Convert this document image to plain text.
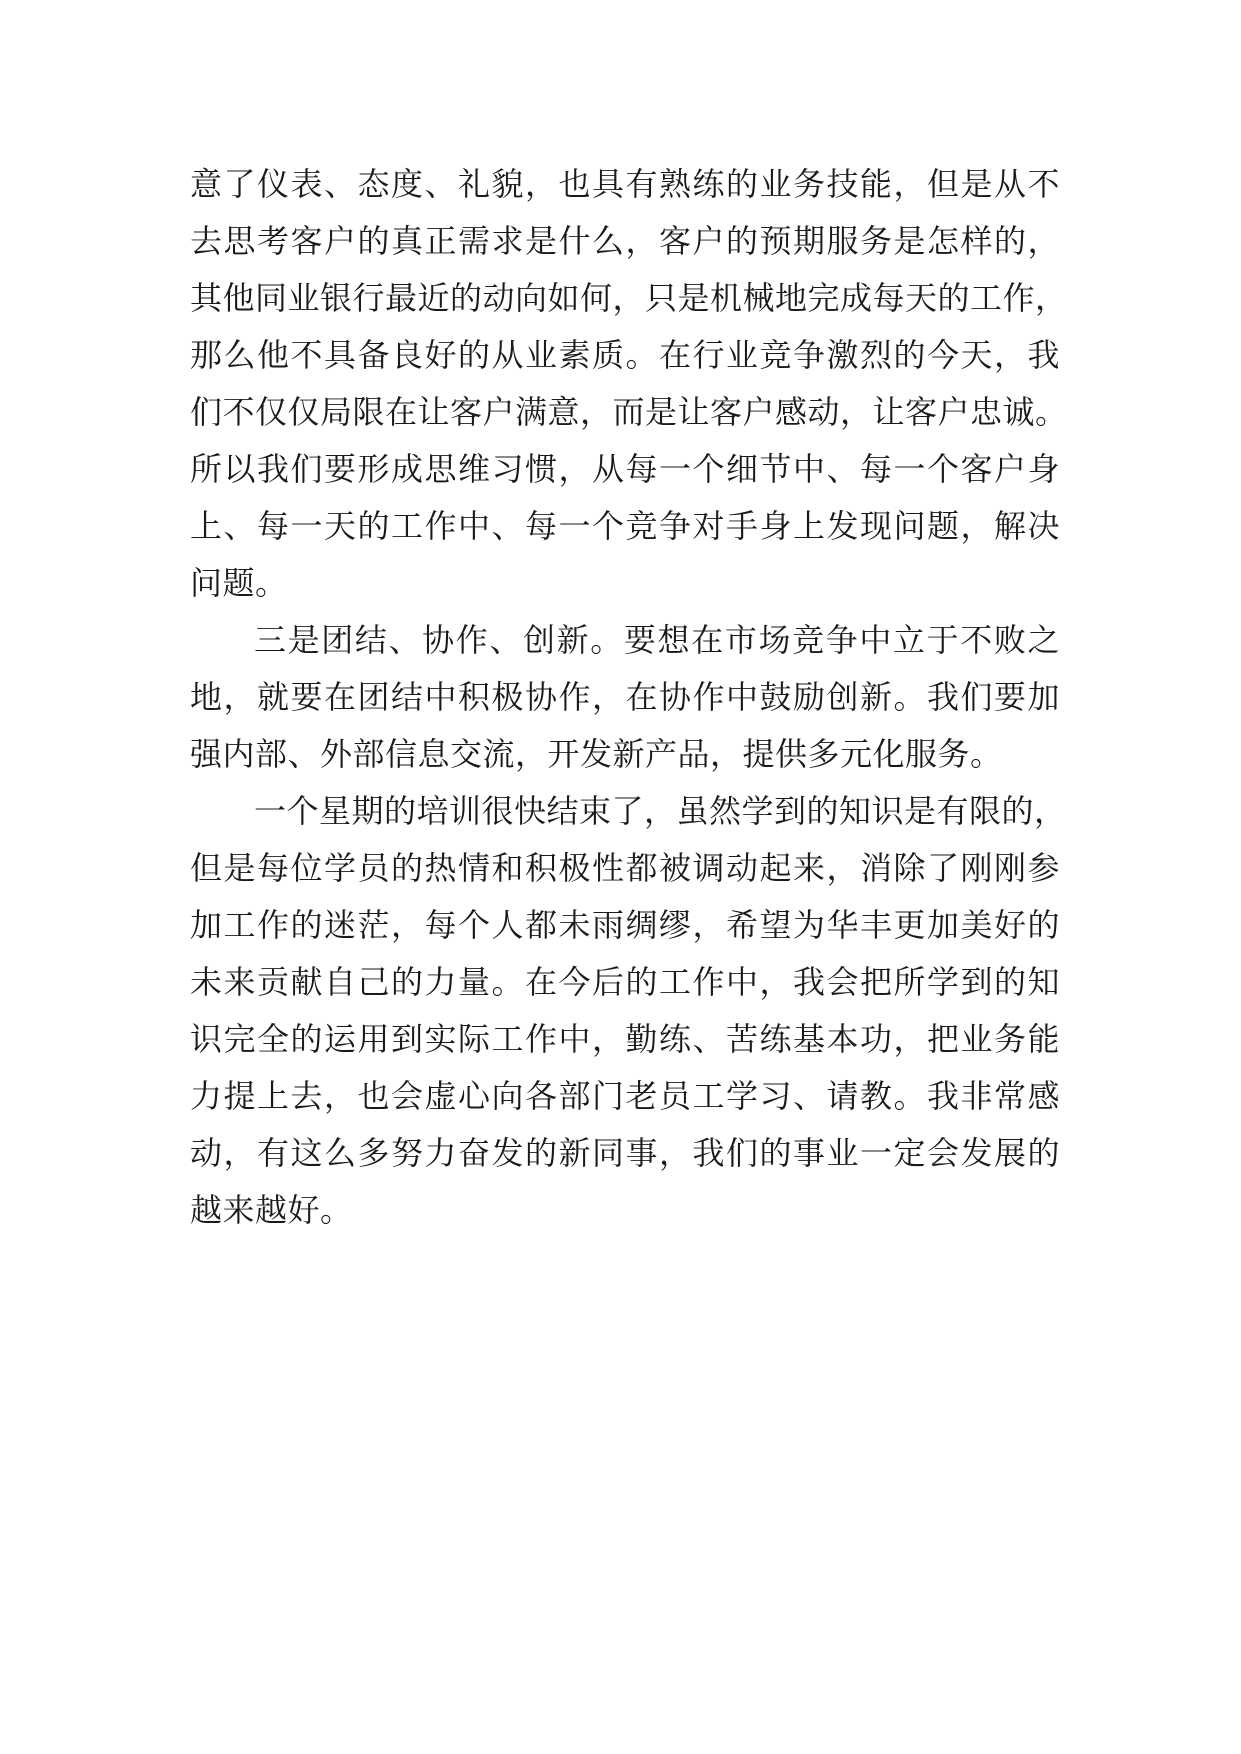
意了仪表、态度、礼貌，也具有熟练的业务技能，但是从不
去思考客户的真正需求是什么，客户的预期服务是怎样的，
其他同业银行最近的动向如何，只是机械地完成每天的工作，
那么他不具备良好的从业素质。在行业竞争激烈的今天，我
们不仅仅局限在让客户满意，而是让客户感动，让客户忠诚。
所以我们要形成思维习惯，从每一个细节中、每一个客户身
上、每一天的工作中、每一个竞争对手身上发现问题，解决
问题。
三是团结、协作、创新。要想在市场竞争中立于不败之
地，就要在团结中积极协作，在协作中鼓励创新。我们要加
强内部、外部信息交流，开发新产品，提供多元化服务。
一个星期的培训很快结束了，虽然学到的知识是有限的，
但是每位学员的热情和积极性都被调动起来，消除了刚刚参
加工作的迷茫，每个人都未雨绸缪，希望为华丰更加美好的
未来贡献自己的力量。在今后的工作中，我会把所学到的知
识完全的运用到实际工作中，勤练、苦练基本功，把业务能
力提上去，也会虚心向各部门老员工学习、请教。我非常感
动，有这么多努力奋发的新同事，我们的事业一定会发展的
越来越好。
